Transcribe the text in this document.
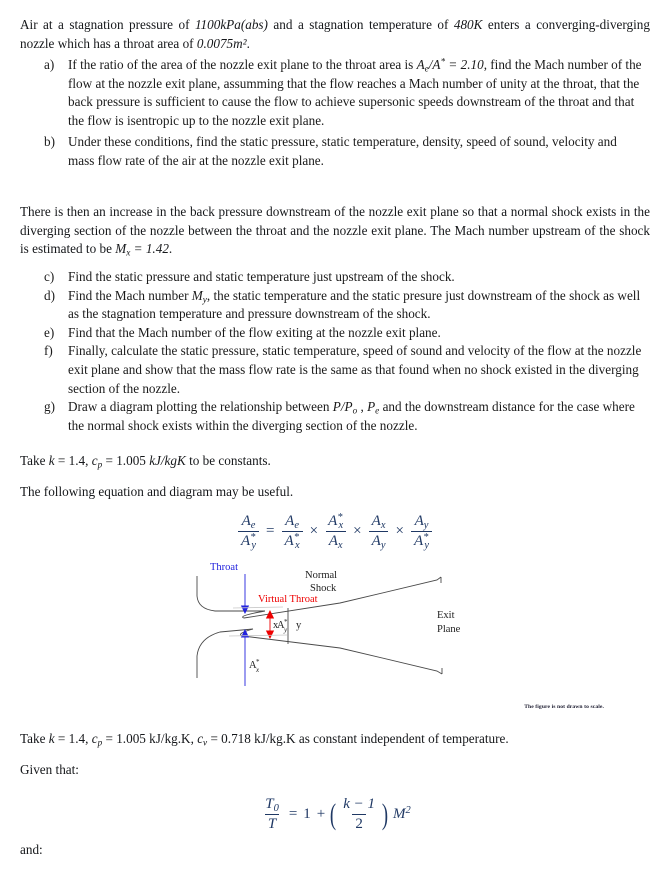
Air at a stagnation pressure of 1100kPa(abs) and a stagnation temperature of 480K enters a converging-diverging nozzle which has a throat area of 0.0075m².
a)	If the ratio of the area of the nozzle exit plane to the throat area is $A_e/A^* = 2.10$, find the Mach number of the flow at the nozzle exit plane, assumming that the flow reaches a Mach number of unity at the throat, that the back pressure is sufficient to cause the flow to achieve supersonic speeds downstream of the throat and that the flow is isentropic up to the nozzle exit plane.
b) Under these conditions, find the static pressure, static temperature, density, speed of sound, velocity and mass flow rate of the air at the nozzle exit plane.
There is then an increase in the back pressure downstream of the nozzle exit plane so that a normal shock exists in the diverging section of the nozzle between the throat and the nozzle exit plane. The Mach number upstream of the shock is estimated to be $M_x = 1.42$.
c)	Find the static pressure and static temperature just upstream of the shock.
d) Find the Mach number $M_y$, the static temperature and the static presure just downstream of the shock as well as the stagnation temperature and pressure downstream of the shock.
e)	Find that the Mach number of the flow exiting at the nozzle exit plane.
f)	Finally, calculate the static pressure, static temperature, speed of sound and velocity of the flow at the nozzle exit plane and show that the mass flow rate is the same as that found when no shock existed in the diverging section of the nozzle.
g) Draw a diagram plotting the relationship between $P/P_o$ , $P_e$ and the downstream distance for the case where the normal shock exists within the diverging section of the nozzle.
Take k = 1.4, $c_p = 1.005$ kJ/kgK to be constants.
The following equation and diagram may be useful.
$\frac{A_e}{A^*_y} = \frac{A_e}{A^*_x} \times \frac{A^*_x}{A_x} \times \frac{A_x}{A_y} \times \frac{A_y}{A^*_y}$
Throat
Virtual Throat
Normal
Shock
x y
Exit
Plane
A *
y
A *
x
The figure is not drawn to scale.
Take k = 1.4, $c_p = 1.005$ kJ/kg.K, $c_v = 0.718$ kJ/kg.K as constant independent of temperature.
Given that:
$\frac{T_0}{T} = 1$ + ( $\frac{k - 1}{2}$ ) $M^2$
and:
